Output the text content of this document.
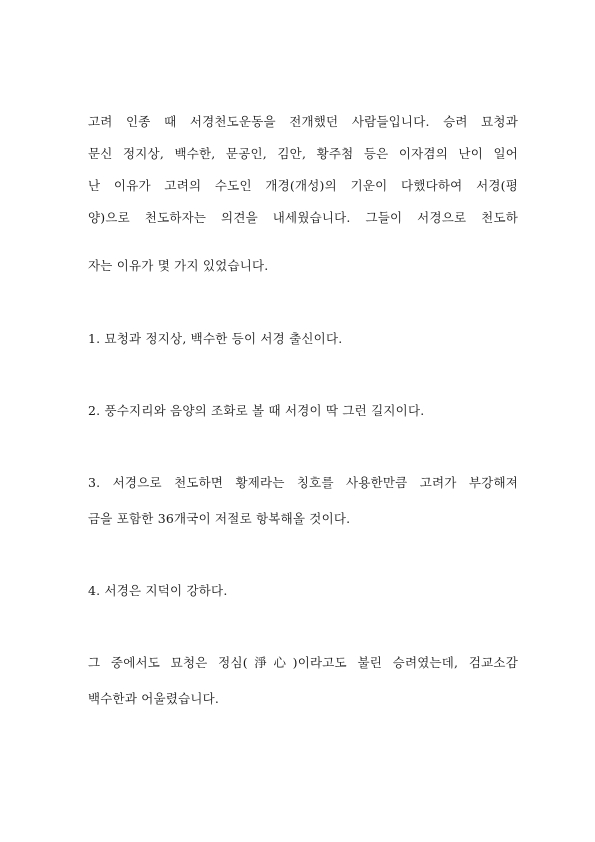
고려 인종 때 서경천도운동을 전개했던 사람들입니다. 승려 묘청과
문신 정지상, 백수한, 문공인, 김안, 황주첨 등은 이자겸의 난이 일어
난 이유가 고려의 수도인 개경(개성)의 기운이 다했다하여 서경(평
양)으로 천도하자는 의견을 내세웠습니다. 그들이 서경으로 천도하
자는 이유가 몇 가지 있었습니다.
1. 묘청과 정지상, 백수한 등이 서경 출신이다.
2. 풍수지리와 음양의 조화로 볼 때 서경이 딱 그런 길지이다.
3. 서경으로 천도하면 황제라는 칭호를 사용한만큼 고려가 부강해져
금을 포함한 36개국이 저절로 항복해올 것이다.
4. 서경은 지덕이 강하다.
그 중에서도 묘청은 정심(淨心)이라고도 불린 승려였는데, 검교소감
백수한과 어울렸습니다.
